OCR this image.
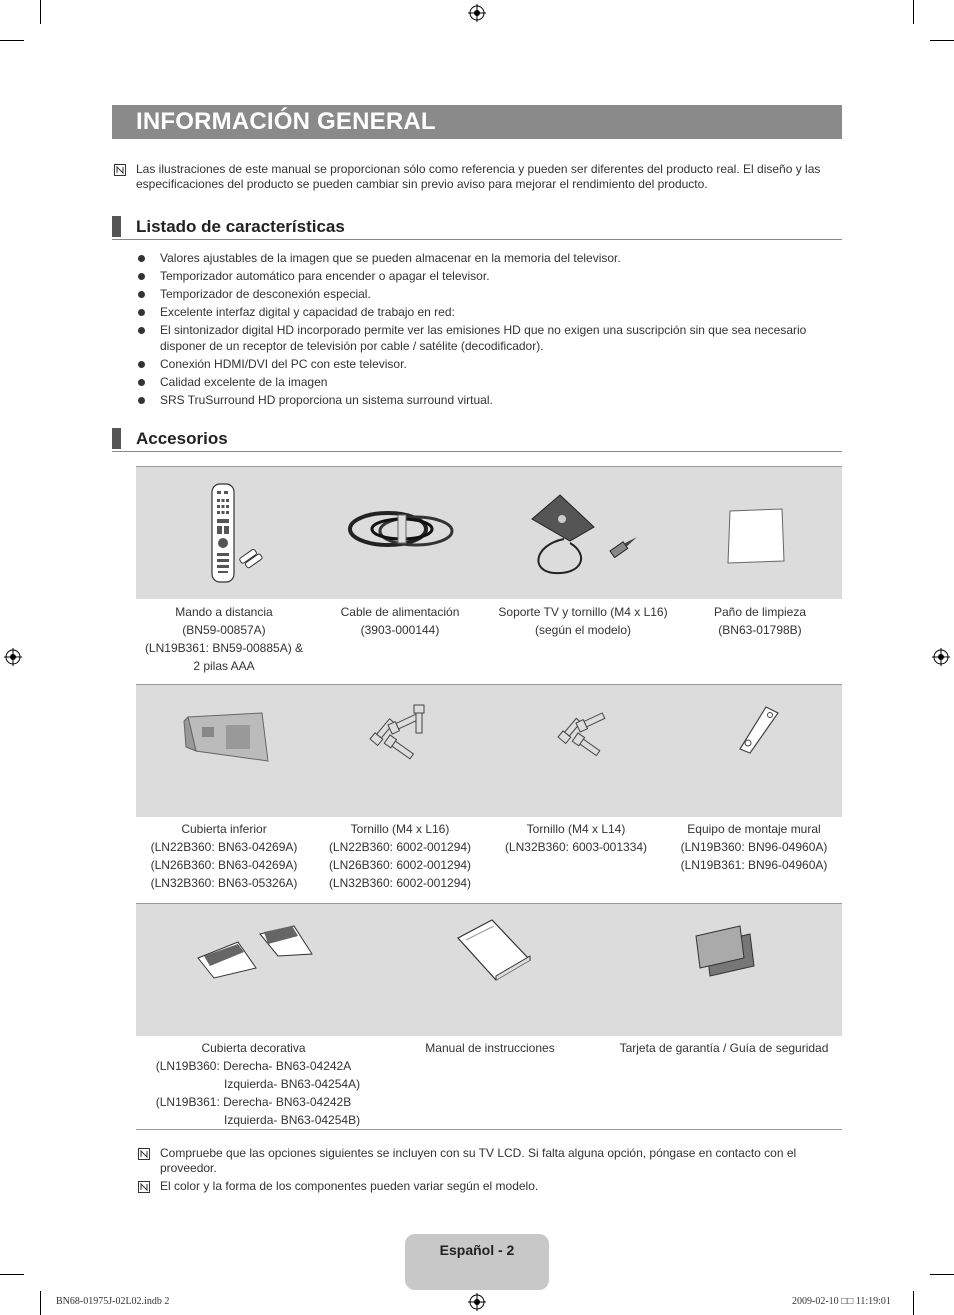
INFORMACIÓN GENERAL
Las ilustraciones de este manual se proporcionan sólo como referencia y pueden ser diferentes del producto real. El diseño y las especificaciones del producto se pueden cambiar sin previo aviso para mejorar el rendimiento del producto.
Listado de características
Valores ajustables de la imagen que se pueden almacenar en la memoria del televisor.
Temporizador automático para encender o apagar el televisor.
Temporizador de desconexión especial.
Excelente interfaz digital y capacidad de trabajo en red:
El sintonizador digital HD incorporado permite ver las emisiones HD que no exigen una suscripción sin que sea necesario disponer de un receptor de televisión por cable / satélite (decodificador).
Conexión HDMI/DVI del PC con este televisor.
Calidad excelente de la imagen
SRS TruSurround HD proporciona un sistema surround virtual.
Accesorios
Mando a distancia
(BN59-00857A)
(LN19B361: BN59-00885A) &
2 pilas AAA
Cable de alimentación
(3903-000144)
Soporte TV y tornillo (M4 x L16)
(según el modelo)
Paño de limpieza
(BN63-01798B)
Cubierta inferior
(LN22B360: BN63-04269A)
(LN26B360: BN63-04269A)
(LN32B360: BN63-05326A)
Tornillo (M4 x L16)
(LN22B360: 6002-001294)
(LN26B360: 6002-001294)
(LN32B360: 6002-001294)
Tornillo (M4 x L14)
(LN32B360: 6003-001334)
Equipo de montaje mural
(LN19B360: BN96-04960A)
(LN19B361: BN96-04960A)
Cubierta decorativa
(LN19B360: Derecha- BN63-04242A
Izquierda- BN63-04254A)
(LN19B361: Derecha- BN63-04242B
Izquierda- BN63-04254B)
Manual de instrucciones	Tarjeta de garantía / Guía de seguridad
Compruebe que las opciones siguientes se incluyen con su TV LCD. Si falta alguna opción, póngase en contacto con el proveedor.
El color y la forma de los componentes pueden variar según el modelo.
Español - 2
BN68-01975J-02L02.indb 2	2009-02-10 □□ 11:19:01
